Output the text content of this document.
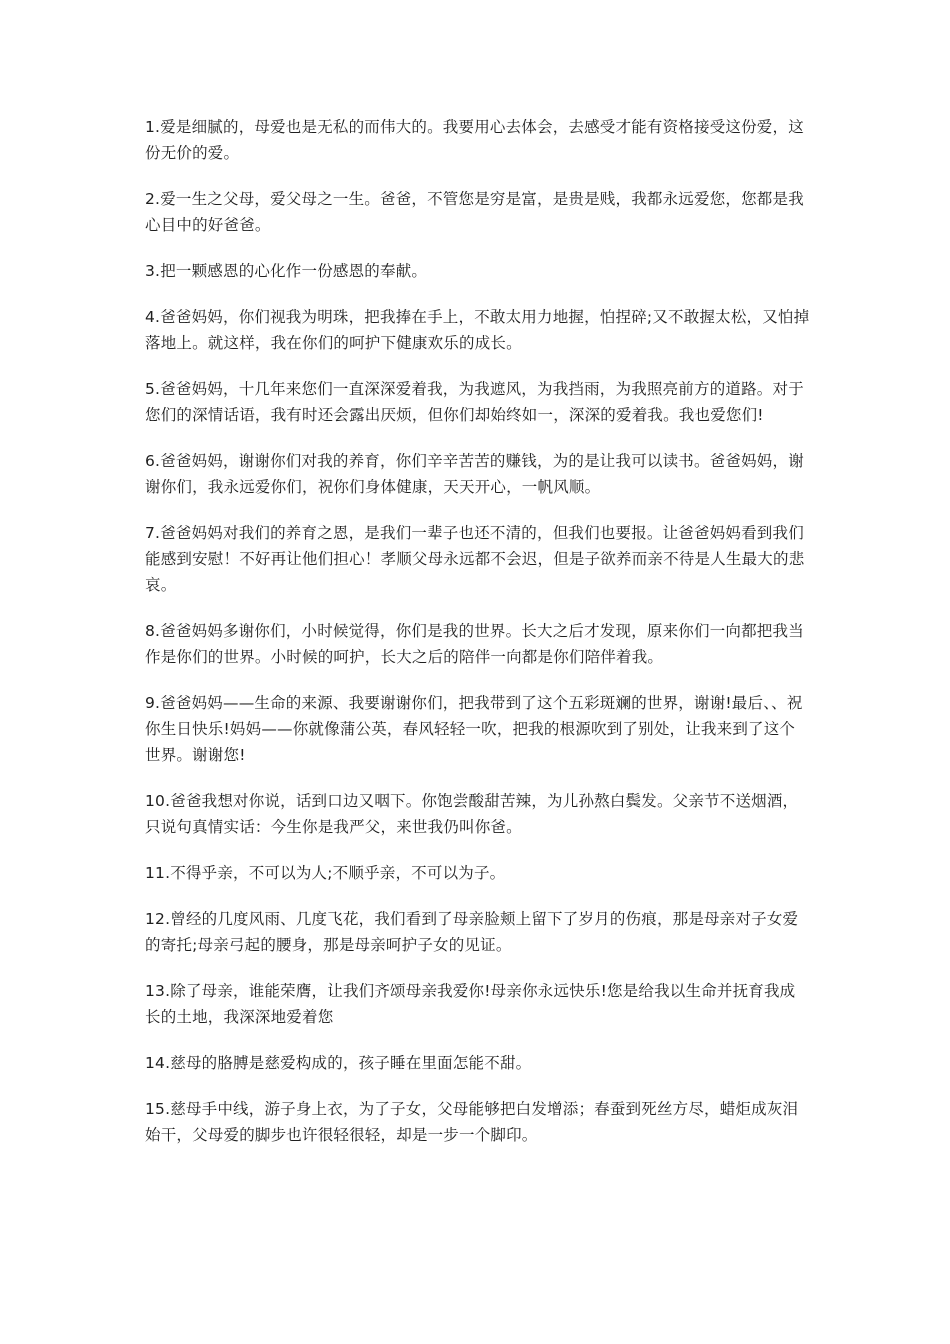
1.爱是细腻的，母爱也是无私的而伟大的。我要用心去体会，去感受才能有资格接受这份爱，这份无价的爱。

2.爱一生之父母，爱父母之一生。爸爸，不管您是穷是富，是贵是贱，我都永远爱您，您都是我心目中的好爸爸。

3.把一颗感恩的心化作一份感恩的奉献。

4.爸爸妈妈，你们视我为明珠，把我捧在手上，不敢太用力地握，怕捏碎;又不敢握太松，又怕掉落地上。就这样，我在你们的呵护下健康欢乐的成长。

5.爸爸妈妈，十几年来您们一直深深爱着我，为我遮风，为我挡雨，为我照亮前方的道路。对于您们的深情话语，我有时还会露出厌烦，但你们却始终如一，深深的爱着我。我也爱您们!

6.爸爸妈妈，谢谢你们对我的养育，你们辛辛苦苦的赚钱，为的是让我可以读书。爸爸妈妈，谢谢你们，我永远爱你们，祝你们身体健康，天天开心，一帆风顺。

7.爸爸妈妈对我们的养育之恩，是我们一辈子也还不清的，但我们也要报。让爸爸妈妈看到我们能感到安慰！不好再让他们担心！孝顺父母永远都不会迟，但是子欲养而亲不待是人生最大的悲哀。

8.爸爸妈妈多谢你们，小时候觉得，你们是我的世界。长大之后才发现，原来你们一向都把我当作是你们的世界。小时候的呵护，长大之后的陪伴一向都是你们陪伴着我。

9.爸爸妈妈——生命的来源、我要谢谢你们，把我带到了这个五彩斑斓的世界，谢谢!最后、、祝你生日快乐!妈妈——你就像蒲公英，春风轻轻一吹，把我的根源吹到了别处，让我来到了这个世界。谢谢您!

10.爸爸我想对你说，话到口边又咽下。你饱尝酸甜苦辣，为儿孙熬白鬓发。父亲节不送烟酒，只说句真情实话：今生你是我严父，来世我仍叫你爸。

11.不得乎亲，不可以为人;不顺乎亲，不可以为子。

12.曾经的几度风雨、几度飞花，我们看到了母亲脸颊上留下了岁月的伤痕，那是母亲对子女爱的寄托;母亲弓起的腰身，那是母亲呵护子女的见证。

13.除了母亲，谁能荣膺，让我们齐颂母亲我爱你!母亲你永远快乐!您是给我以生命并抚育我成长的土地，我深深地爱着您

14.慈母的胳膊是慈爱构成的，孩子睡在里面怎能不甜。

15.慈母手中线，游子身上衣，为了子女，父母能够把白发增添；春蚕到死丝方尽，蜡炬成灰泪始干，父母爱的脚步也许很轻很轻，却是一步一个脚印。
